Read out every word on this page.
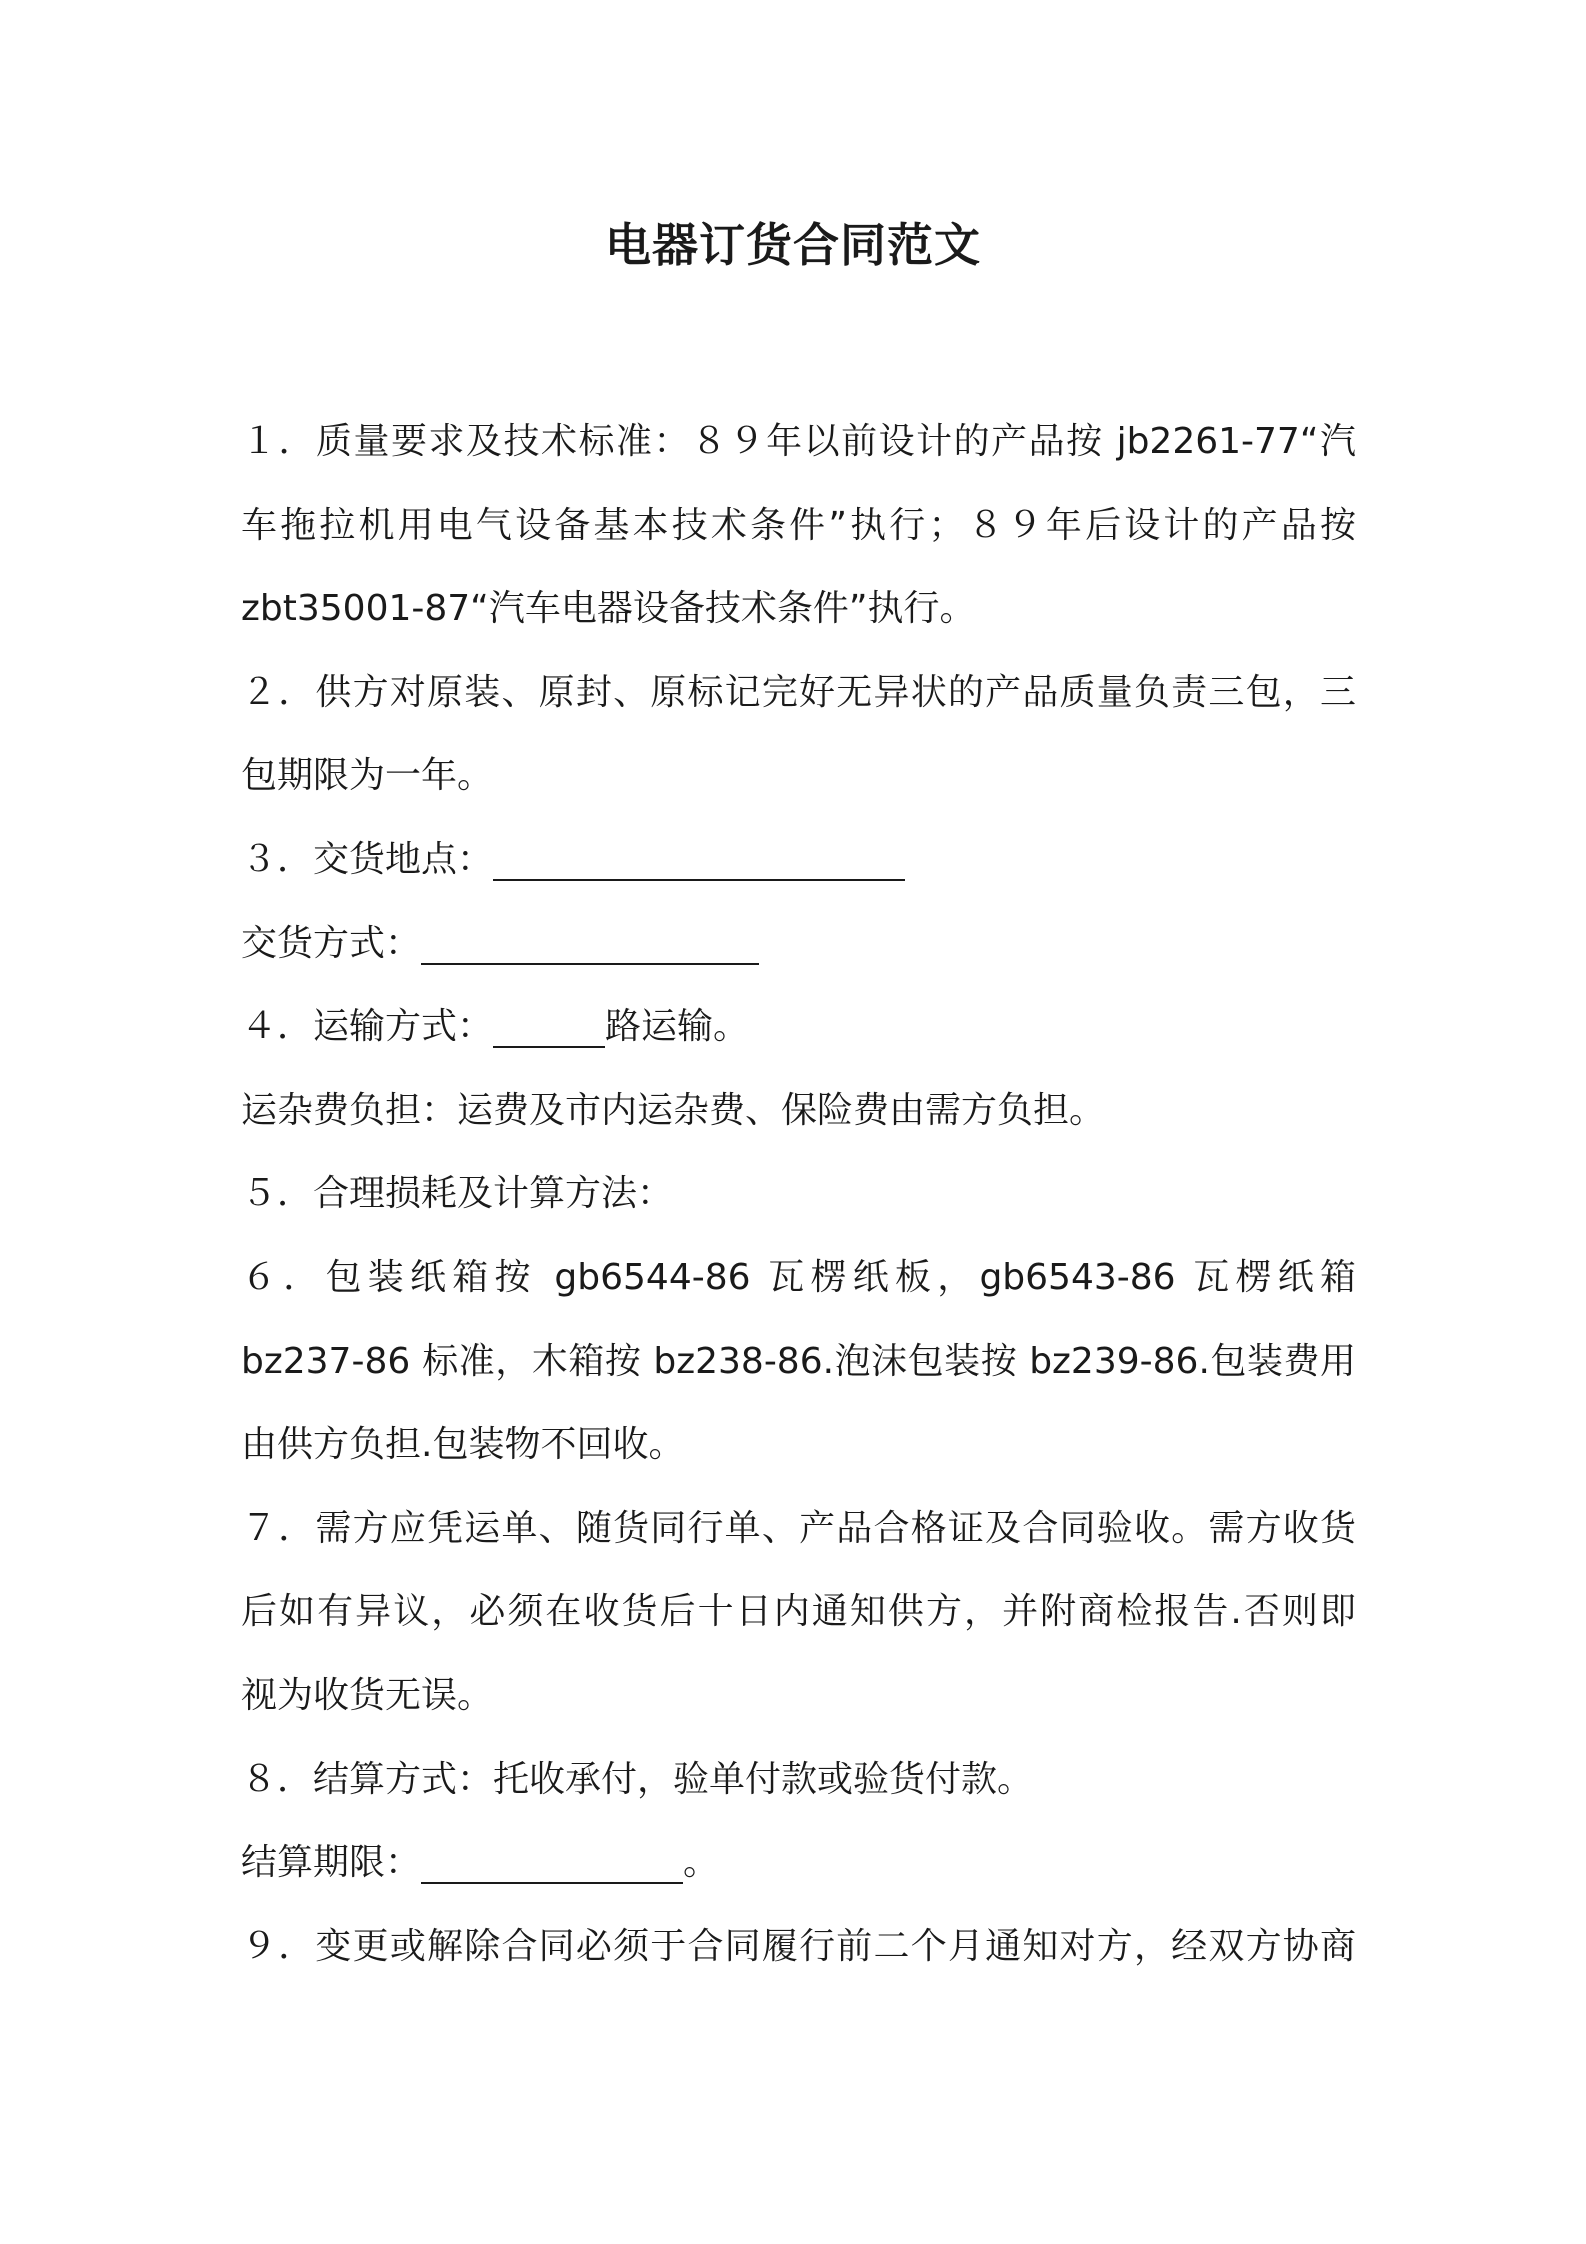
电器订货合同范文
１．质量要求及技术标准：８９年以前设计的产品按 jb2261-77“汽
车拖拉机用电气设备基本技术条件”执行；８９年后设计的产品按
zbt35001-87“汽车电器设备技术条件”执行。
２．供方对原装、原封、原标记完好无异状的产品质量负责三包，三
包期限为一年。
３．交货地点：
交货方式：
４．运输方式：	路运输。
运杂费负担：运费及市内运杂费、保险费由需方负担。
５．合理损耗及计算方法：
６．包装纸箱按 gb6544-86 瓦楞纸板，gb6543-86 瓦楞纸箱
bz237-86 标准，木箱按 bz238-86.泡沫包装按 bz239-86.包装费用
由供方负担.包装物不回收。
７．需方应凭运单、随货同行单、产品合格证及合同验收。需方收货
后如有异议，必须在收货后十日内通知供方，并附商检报告.否则即
视为收货无误。
８．结算方式：托收承付，验单付款或验货付款。
结算期限：	。
９．变更或解除合同必须于合同履行前二个月通知对方，经双方协商
